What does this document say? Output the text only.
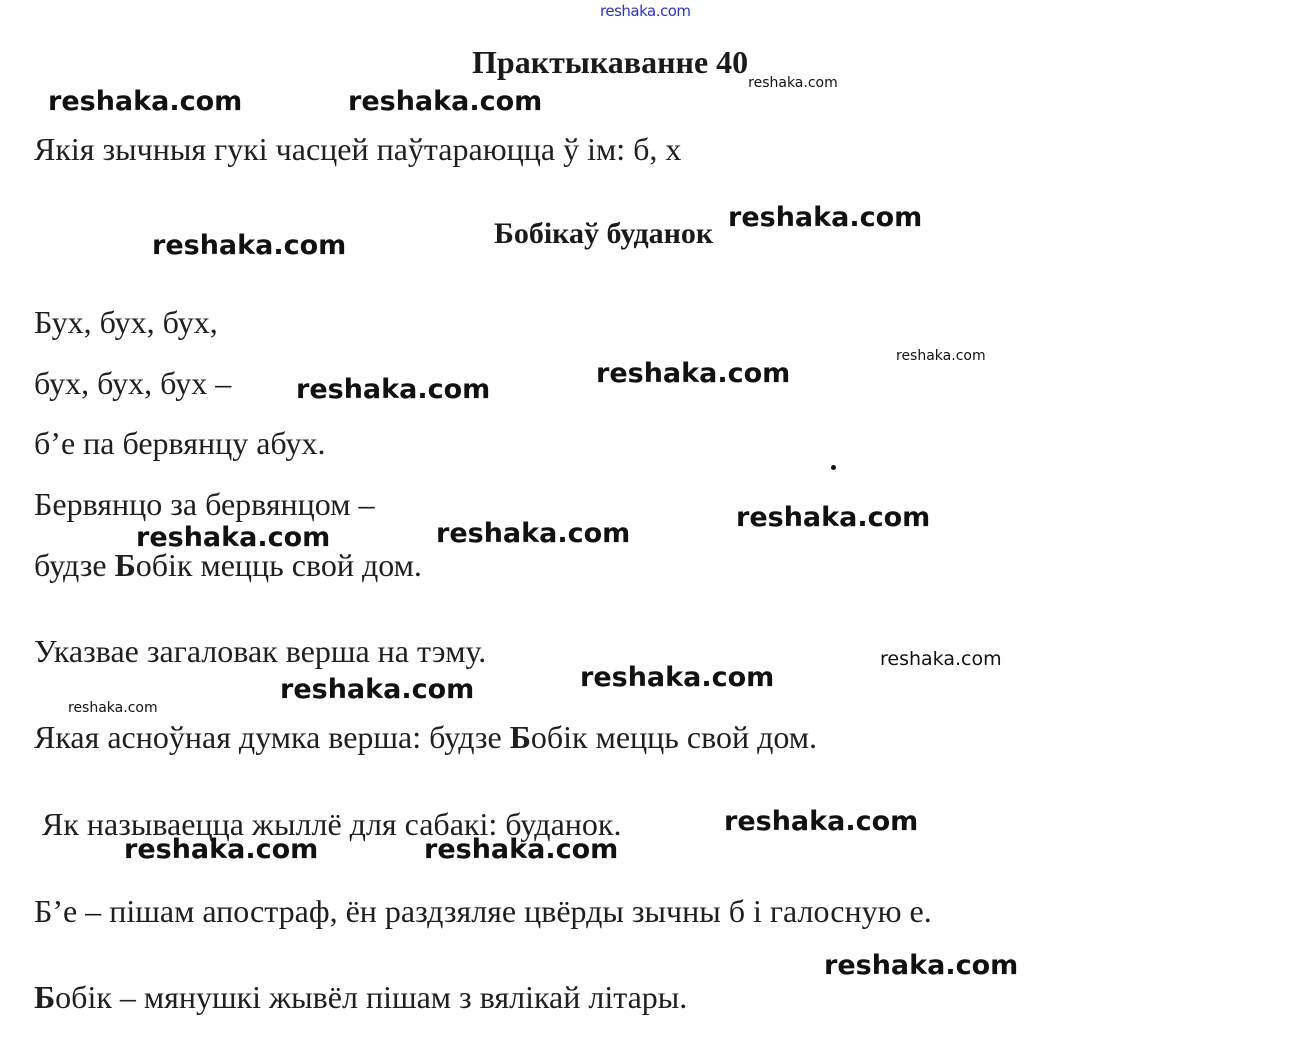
reshaka.com
Практыкаванне $40_{reshaka.com}$
Якія зычныя гукі часцей паўтараюцца ў ім: б, х
Бобікаў буданок
Бух, бух, бух,
бух, бух, бух –
б’е па бервянцу абух.
Бервянцо за бервянцом –
будзе Бобік мецць свой дом.
Указвае загаловак верша на тэму.
Якая асноўная думка верша: будзе Бобік мецць свой дом.
Як называецца жыллё для сабакі: буданок.
Б’е – пішам апостраф, ён раздзяляе цвёрды зычны б і галосную е.
Бобік – мянушкі жывёл пішам з вялікай літары.
reshaka.com	reshaka.com
reshaka.com
reshaka.com
reshaka.com
reshaka.com
reshaka.com
reshaka.com
reshaka.com
reshaka.com
reshaka.com
reshaka.com
reshaka.com
reshaka.com
reshaka.com
reshaka.com	reshaka.com
reshaka.com
